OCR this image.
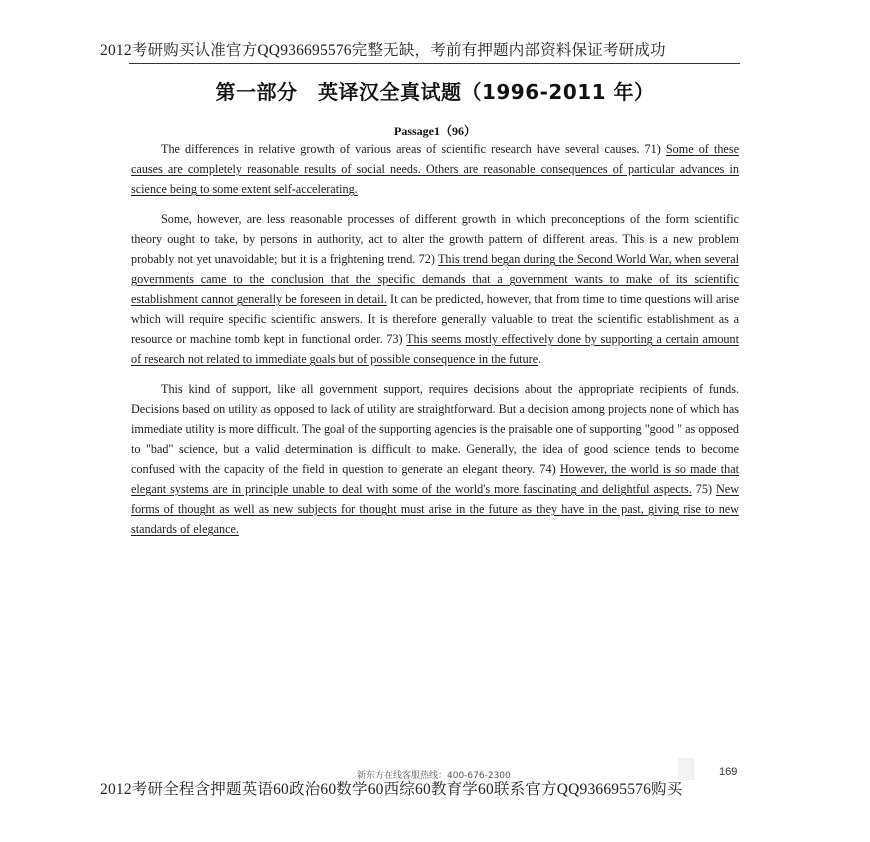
2012考研购买认准官方QQ936695576完整无缺，考前有押题内部资料保证考研成功
第一部分　英译汉全真试题（1996-2011 年）
Passage1（96）

The differences in relative growth of various areas of scientific research have several causes. 71) Some of these causes are completely reasonable results of social needs. Others are reasonable consequences of particular advances in science being to some extent self-accelerating.

Some, however, are less reasonable processes of different growth in which preconceptions of the form scientific theory ought to take, by persons in authority, act to alter the growth pattern of different areas. This is a new problem probably not yet unavoidable; but it is a frightening trend. 72) This trend began during the Second World War, when several governments came to the conclusion that the specific demands that a government wants to make of its scientific establishment cannot generally be foreseen in detail. It can be predicted, however, that from time to time questions will arise which will require specific scientific answers. It is therefore generally valuable to treat the scientific establishment as a resource or machine tomb kept in functional order. 73) This seems mostly effectively done by supporting a certain amount of research not related to immediate goals but of possible consequence in the future.

This kind of support, like all government support, requires decisions about the appropriate recipients of funds. Decisions based on utility as opposed to lack of utility are straightforward. But a decision among projects none of which has immediate utility is more difficult. The goal of the supporting agencies is the praisable one of supporting "good " as opposed to "bad" science, but a valid determination is difficult to make. Generally, the idea of good science tends to become confused with the capacity of the field in question to generate an elegant theory. 74) However, the world is so made that elegant systems are in principle unable to deal with some of the world's more fascinating and delightful aspects. 75) New forms of thought as well as new subjects for thought must arise in the future as they have in the past, giving rise to new standards of elegance.

新东方在线客服热线：400-676-2300	169
2012考研全程含押题英语60政治60数学60西综60教育学60联系官方QQ936695576购买
